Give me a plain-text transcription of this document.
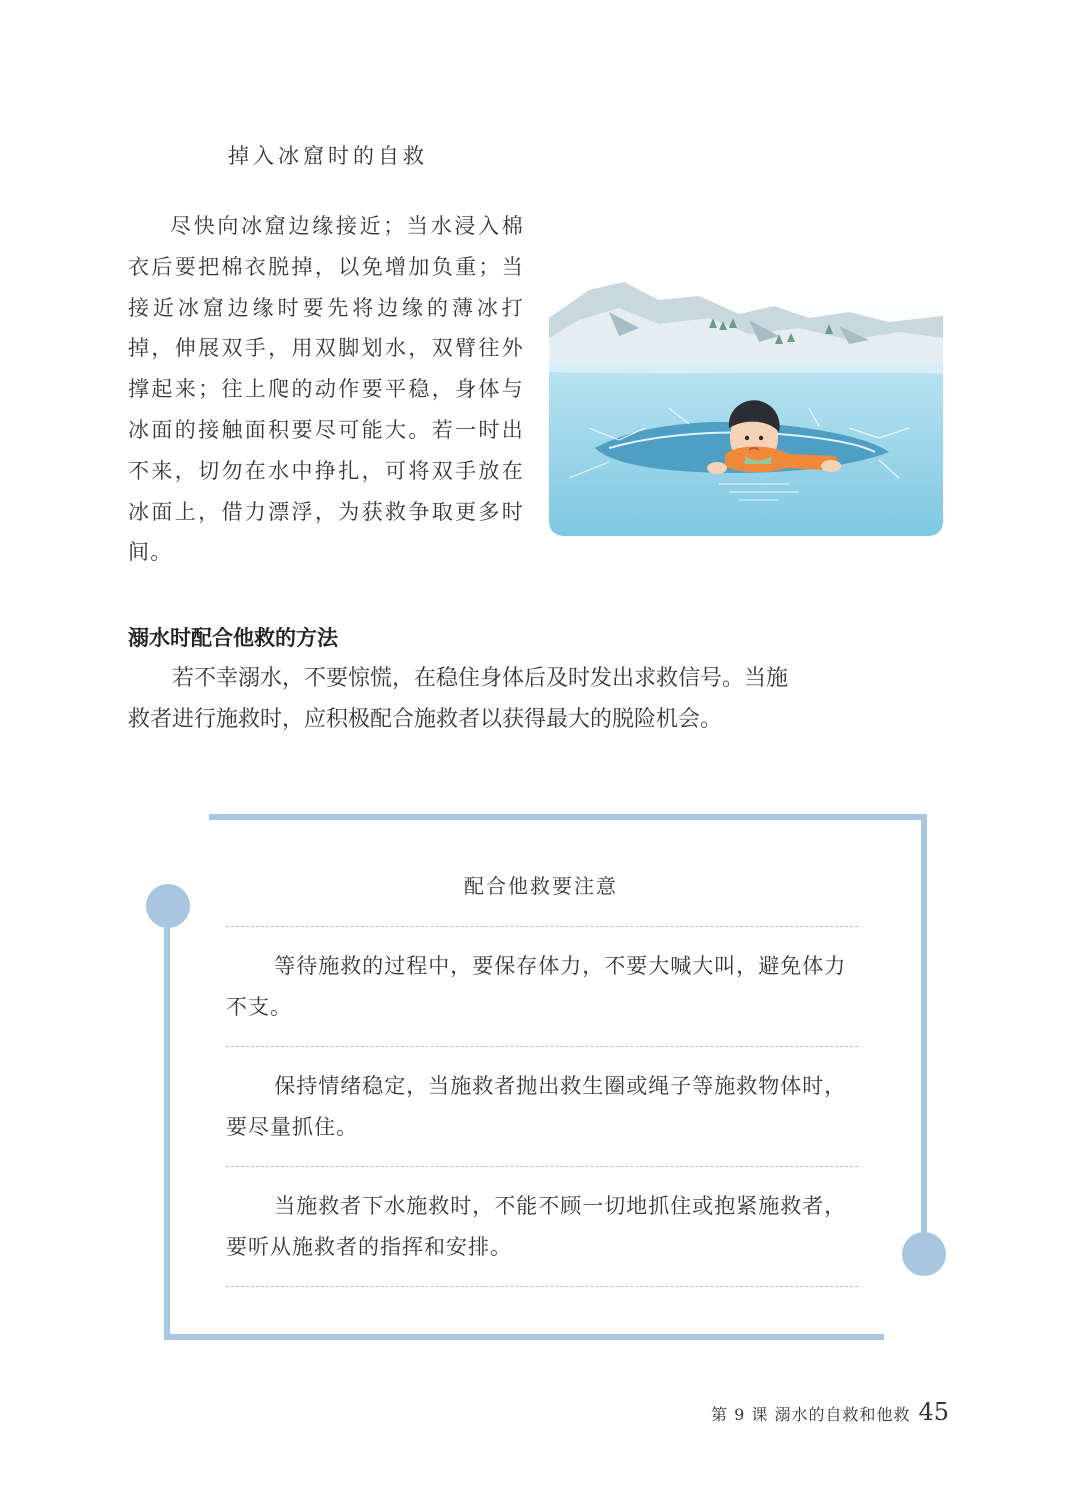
掉入冰窟时的自救

尽快向冰窟边缘接近；当水浸入棉衣后要把棉衣脱掉，以免增加负重；当接近冰窟边缘时要先将边缘的薄冰打掉，伸展双手，用双脚划水，双臂往外撑起来；往上爬的动作要平稳，身体与冰面的接触面积要尽可能大。若一时出不来，切勿在水中挣扎，可将双手放在冰面上，借力漂浮，为获救争取更多时间。

溺水时配合他救的方法

若不幸溺水，不要惊慌，在稳住身体后及时发出求救信号。当施救者进行施救时，应积极配合施救者以获得最大的脱险机会。

配合他救要注意

等待施救的过程中，要保存体力，不要大喊大叫，避免体力不支。

保持情绪稳定，当施救者抛出救生圈或绳子等施救物体时，要尽量抓住。

当施救者下水施救时，不能不顾一切地抓住或抱紧施救者，要听从施救者的指挥和安排。

第 9 课 溺水的自救和他救 45
